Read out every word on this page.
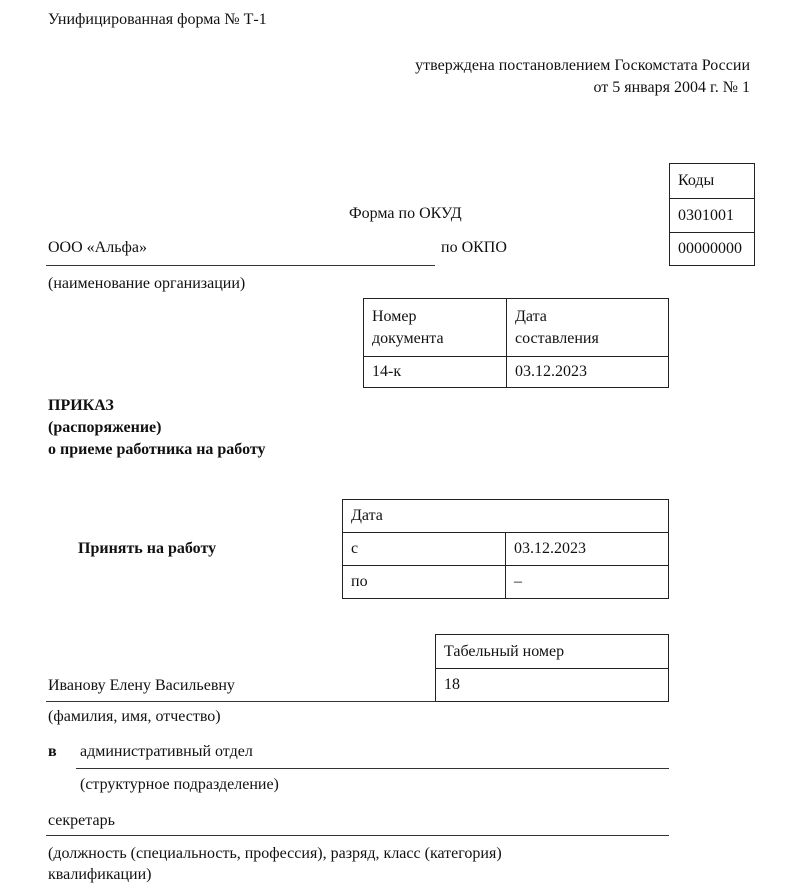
Унифицированная форма № Т-1
утверждена постановлением Госкомстата России
от 5 января 2004 г. № 1
Коды
0301001
00000000
Форма по ОКУД
по ОКПО
ООО «Альфа»
(наименование организации)
Номер
документа	Дата
составления
14-к	03.12.2023
ПРИКАЗ
(распоряжение)
о приеме работника на работу
Принять на работу
Дата	
с	03.12.2023
по	–
Табельный номер
18
Иванову Елену Васильевну
(фамилия, имя, отчество)
в административный отдел
(структурное подразделение)
секретарь
(должность (специальность, профессия), разряд, класс (категория)
квалификации)
